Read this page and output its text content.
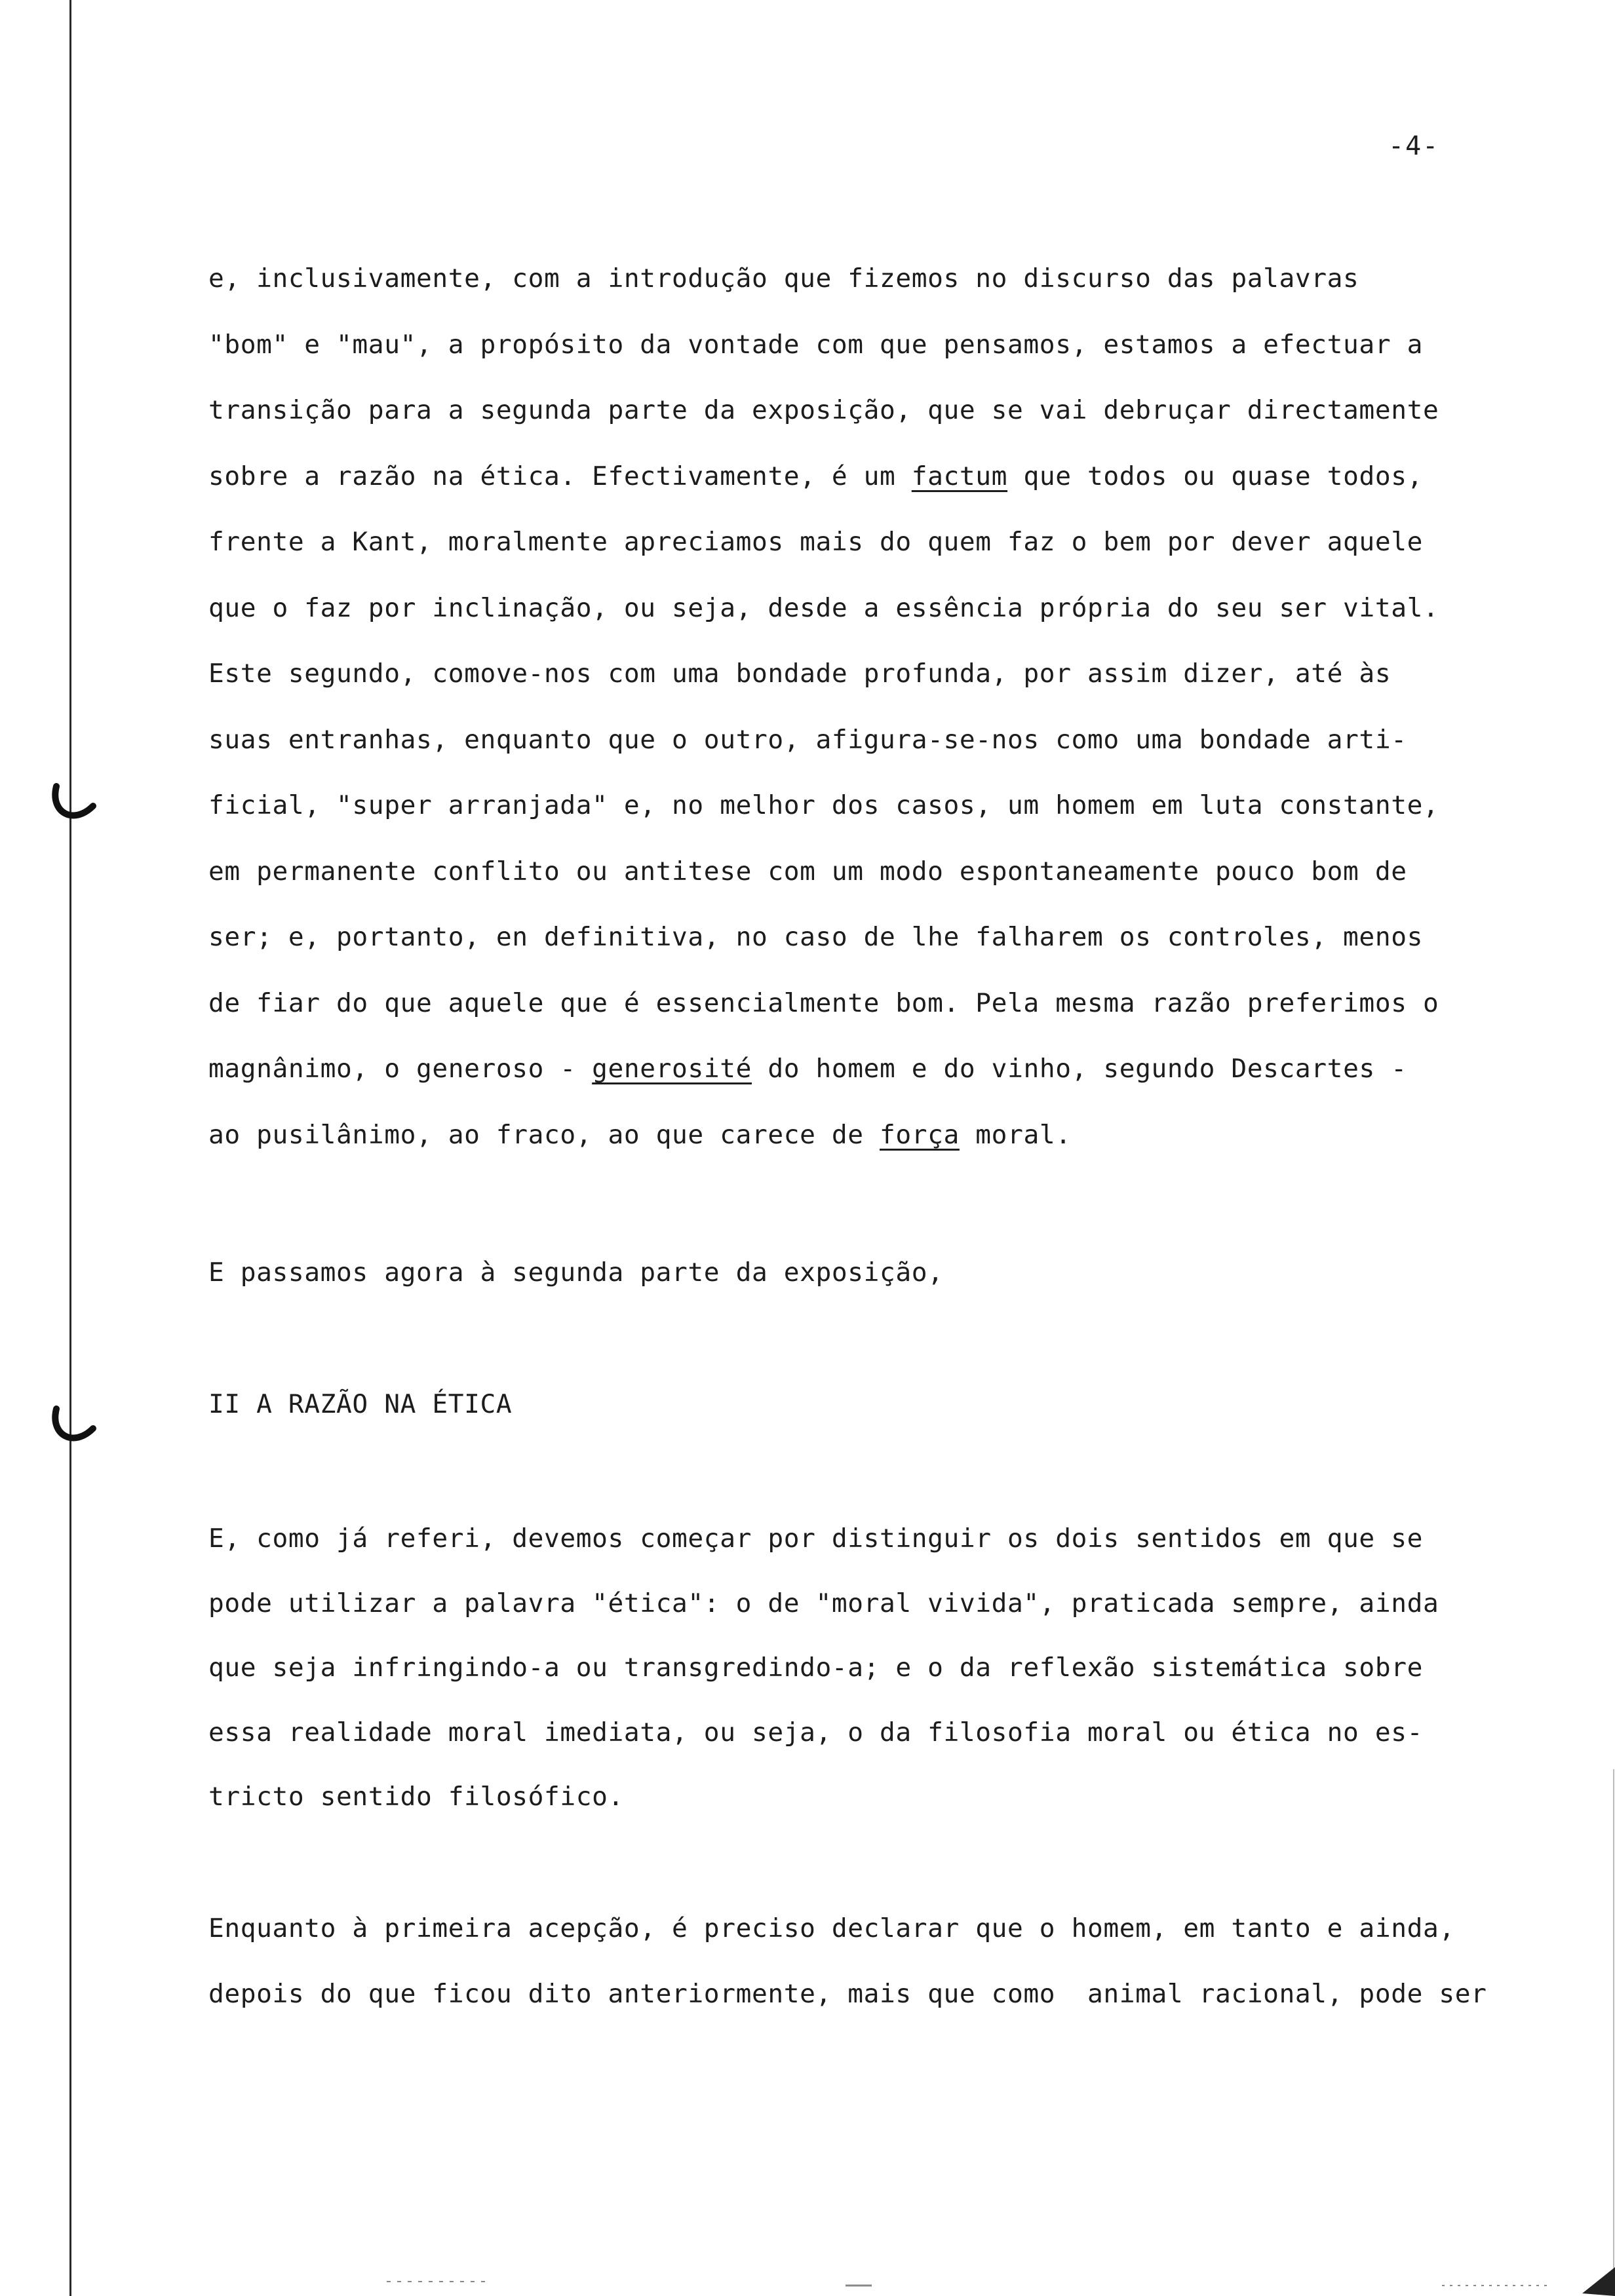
-4-
e, inclusivamente, com a introdução que fizemos no discurso das palavras
"bom" e "mau", a propósito da vontade com que pensamos, estamos a efectuar a
transição para a segunda parte da exposição, que se vai debruçar directamente
sobre a razão na ética. Efectivamente, é um factum que todos ou quase todos,
frente a Kant, moralmente apreciamos mais do quem faz o bem por dever aquele
que o faz por inclinação, ou seja, desde a essência própria do seu ser vital.
Este segundo, comove-nos com uma bondade profunda, por assim dizer, até às
suas entranhas, enquanto que o outro, afigura-se-nos como uma bondade arti-
ficial, "super arranjada" e, no melhor dos casos, um homem em luta constante,
em permanente conflito ou antitese com um modo espontaneamente pouco bom de
ser; e, portanto, en definitiva, no caso de lhe falharem os controles, menos
de fiar do que aquele que é essencialmente bom. Pela mesma razão preferimos o
magnânimo, o generoso - generosité do homem e do vinho, segundo Descartes -
ao pusilânimo, ao fraco, ao que carece de força moral.
E passamos agora à segunda parte da exposição,
II A RAZÃO NA ÉTICA
E, como já referi, devemos começar por distinguir os dois sentidos em que se
pode utilizar a palavra "ética": o de "moral vivida", praticada sempre, ainda
que seja infringindo-a ou transgredindo-a; e o da reflexão sistemática sobre
essa realidade moral imediata, ou seja, o da filosofia moral ou ética no es-
tricto sentido filosófico.
Enquanto à primeira acepção, é preciso declarar que o homem, em tanto e ainda,
depois do que ficou dito anteriormente, mais que como  animal racional, pode ser
